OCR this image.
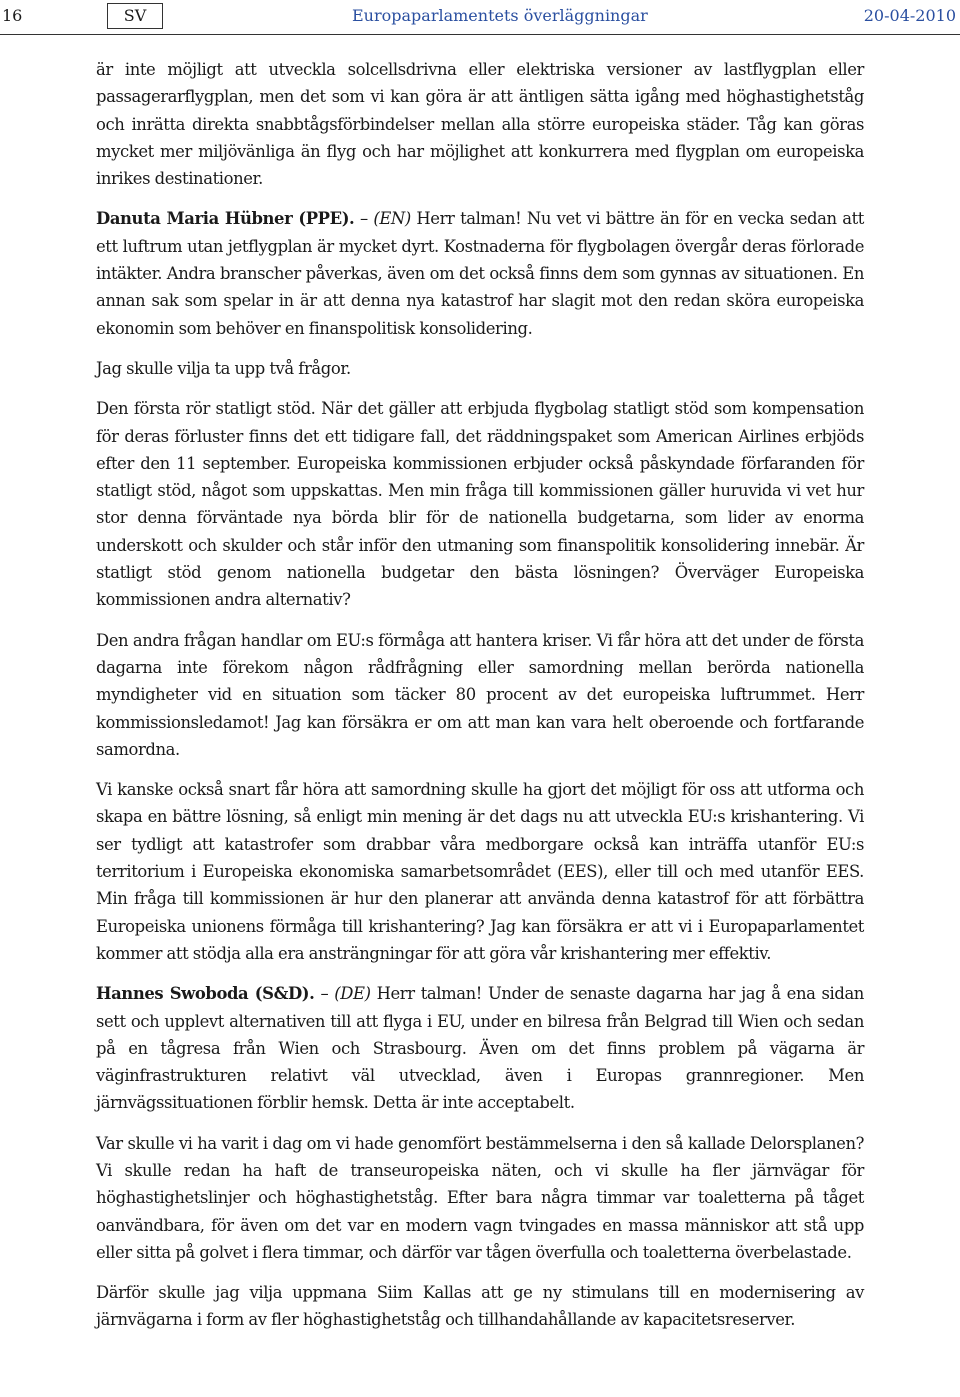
16	SV	Europaparlamentets överläggningar	20-04-2010

är inte möjligt att utveckla solcellsdrivna eller elektriska versioner av lastflygplan eller passagerarflygplan, men det som vi kan göra är att äntligen sätta igång med höghastighetståg och inrätta direkta snabbtågsförbindelser mellan alla större europeiska städer. Tåg kan göras mycket mer miljövänliga än flyg och har möjlighet att konkurrera med flygplan om europeiska inrikes destinationer.

Danuta Maria Hübner (PPE). – (EN) Herr talman! Nu vet vi bättre än för en vecka sedan att ett luftrum utan jetflygplan är mycket dyrt. Kostnaderna för flygbolagen övergår deras förlorade intäkter. Andra branscher påverkas, även om det också finns dem som gynnas av situationen. En annan sak som spelar in är att denna nya katastrof har slagit mot den redan sköra europeiska ekonomin som behöver en finanspolitisk konsolidering.

Jag skulle vilja ta upp två frågor.

Den första rör statligt stöd. När det gäller att erbjuda flygbolag statligt stöd som kompensation för deras förluster finns det ett tidigare fall, det räddningspaket som American Airlines erbjöds efter den 11 september. Europeiska kommissionen erbjuder också påskyndade förfaranden för statligt stöd, något som uppskattas. Men min fråga till kommissionen gäller huruvida vi vet hur stor denna förväntade nya börda blir för de nationella budgetarna, som lider av enorma underskott och skulder och står inför den utmaning som finanspolitik konsolidering innebär. Är statligt stöd genom nationella budgetar den bästa lösningen? Överväger Europeiska kommissionen andra alternativ?

Den andra frågan handlar om EU:s förmåga att hantera kriser. Vi får höra att det under de första dagarna inte förekom någon rådfrågning eller samordning mellan berörda nationella myndigheter vid en situation som täcker 80 procent av det europeiska luftrummet. Herr kommissionsledamot! Jag kan försäkra er om att man kan vara helt oberoende och fortfarande samordna.

Vi kanske också snart får höra att samordning skulle ha gjort det möjligt för oss att utforma och skapa en bättre lösning, så enligt min mening är det dags nu att utveckla EU:s krishantering. Vi ser tydligt att katastrofer som drabbar våra medborgare också kan inträffa utanför EU:s territorium i Europeiska ekonomiska samarbetsområdet (EES), eller till och med utanför EES. Min fråga till kommissionen är hur den planerar att använda denna katastrof för att förbättra Europeiska unionens förmåga till krishantering? Jag kan försäkra er att vi i Europaparlamentet kommer att stödja alla era ansträngningar för att göra vår krishantering mer effektiv.

Hannes Swoboda (S&D). – (DE) Herr talman! Under de senaste dagarna har jag å ena sidan sett och upplevt alternativen till att flyga i EU, under en bilresa från Belgrad till Wien och sedan på en tågresa från Wien och Strasbourg. Även om det finns problem på vägarna är väginfrastrukturen relativt väl utvecklad, även i Europas grannregioner. Men järnvägssituationen förblir hemsk. Detta är inte acceptabelt.

Var skulle vi ha varit i dag om vi hade genomfört bestämmelserna i den så kallade Delorsplanen? Vi skulle redan ha haft de transeuropeiska näten, och vi skulle ha fler järnvägar för höghastighetslinjer och höghastighetståg. Efter bara några timmar var toaletterna på tåget oanvändbara, för även om det var en modern vagn tvingades en massa människor att stå upp eller sitta på golvet i flera timmar, och därför var tågen överfulla och toaletterna överbelastade.

Därför skulle jag vilja uppmana Siim Kallas att ge ny stimulans till en modernisering av järnvägarna i form av fler höghastighetståg och tillhandahållande av kapacitetsreserver.
